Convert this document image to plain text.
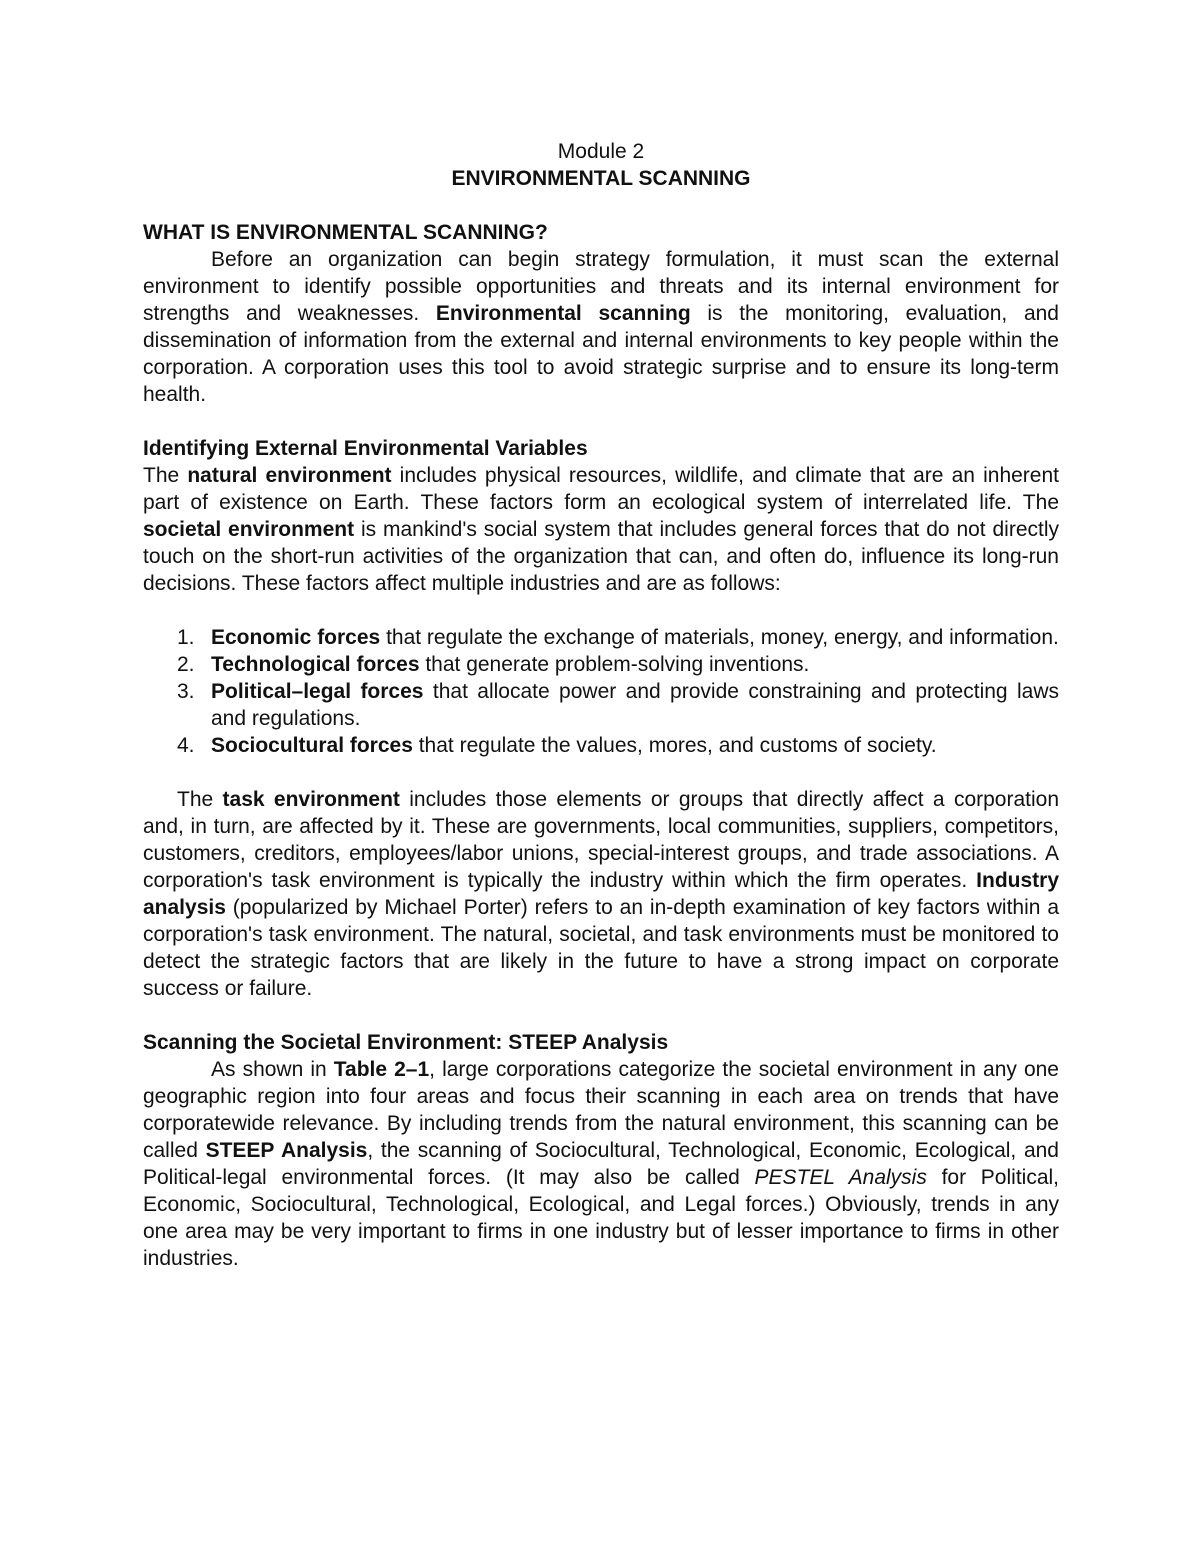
Module 2
ENVIRONMENTAL SCANNING
WHAT IS ENVIRONMENTAL SCANNING?

Before an organization can begin strategy formulation, it must scan the external environment to identify possible opportunities and threats and its internal environment for strengths and weaknesses. Environmental scanning is the monitoring, evaluation, and dissemination of information from the external and internal environments to key people within the corporation. A corporation uses this tool to avoid strategic surprise and to ensure its long-term health.

Identifying External Environmental Variables

The natural environment includes physical resources, wildlife, and climate that are an inherent part of existence on Earth. These factors form an ecological system of interrelated life. The societal environment is mankind's social system that includes general forces that do not directly touch on the short-run activities of the organization that can, and often do, influence its long-run decisions. These factors affect multiple industries and are as follows:

1. Economic forces that regulate the exchange of materials, money, energy, and information.
2. Technological forces that generate problem-solving inventions.
3. Political–legal forces that allocate power and provide constraining and protecting laws and regulations.
4. Sociocultural forces that regulate the values, mores, and customs of society.

The task environment includes those elements or groups that directly affect a corporation and, in turn, are affected by it. These are governments, local communities, suppliers, competitors, customers, creditors, employees/labor unions, special-interest groups, and trade associations. A corporation's task environment is typically the industry within which the firm operates. Industry analysis (popularized by Michael Porter) refers to an in-depth examination of key factors within a corporation's task environment. The natural, societal, and task environments must be monitored to detect the strategic factors that are likely in the future to have a strong impact on corporate success or failure.

Scanning the Societal Environment: STEEP Analysis

As shown in Table 2–1, large corporations categorize the societal environment in any one geographic region into four areas and focus their scanning in each area on trends that have corporatewide relevance. By including trends from the natural environment, this scanning can be called STEEP Analysis, the scanning of Sociocultural, Technological, Economic, Ecological, and Political-legal environmental forces. (It may also be called PESTEL Analysis for Political, Economic, Sociocultural, Technological, Ecological, and Legal forces.) Obviously, trends in any one area may be very important to firms in one industry but of lesser importance to firms in other industries.
